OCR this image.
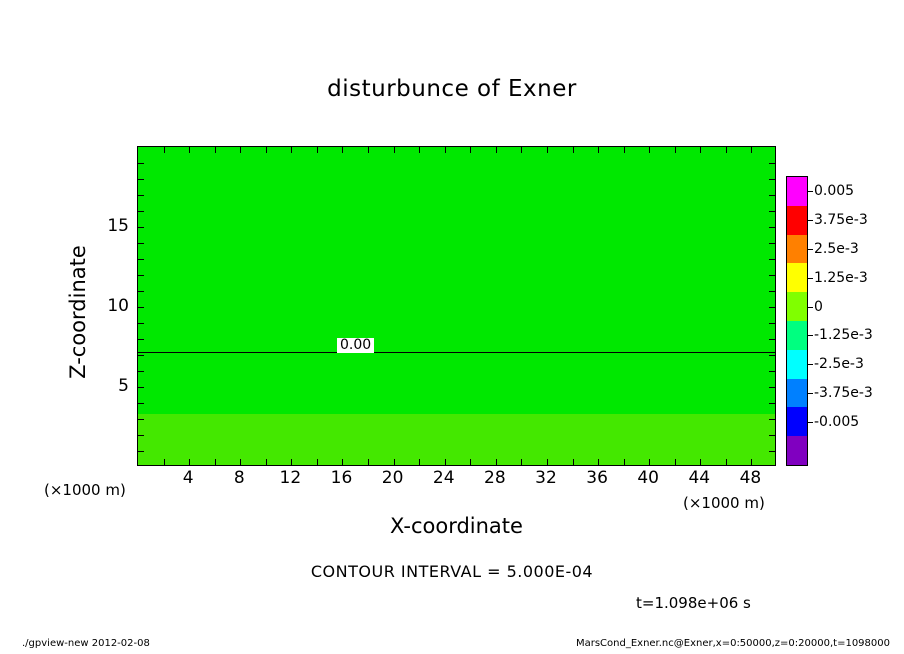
disturbunce of Exner
0.00
4 8 12 16 20 24 28 32 36 40 44 48
5
10
15
X-coordinate
Z-coordinate
(×1000 m)
(×1000 m)
0.005
3.75e-3
2.5e-3
1.25e-3
0
-1.25e-3
-2.5e-3
-3.75e-3
-0.005
CONTOUR INTERVAL = 5.000E-04
t=1.098e+06 s
./gpview-new 2012-02-08	MarsCond_Exner.nc@Exner,x=0:50000,z=0:20000,t=1098000
